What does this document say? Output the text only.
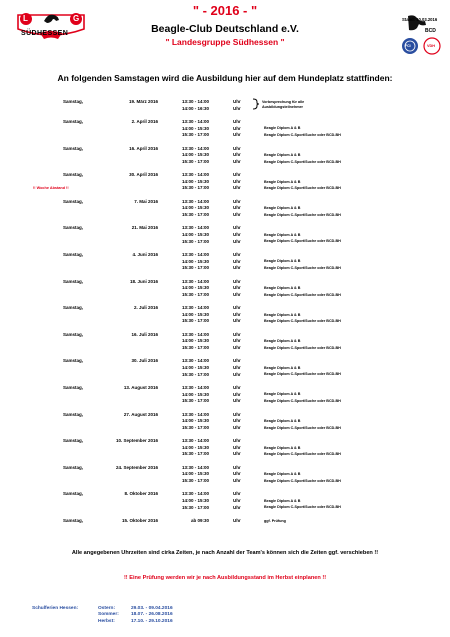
L	G
SÜDHESSEN	BCD
FCI	VDH
" - 2016 - "
Beagle-Club Deutschland e.V.
" Landesgruppe Südhessen "
Stand: 10.03.2016
An folgenden Samstagen wird die Ausbildung hier auf dem Hundeplatz stattfinden:
Samstag,	19. März 2016	13:30 - 14:00	Uhr
14:00 - 16:30	Uhr
Vorbesprechung für alle
Ausbildungsteilnehmer
Samstag,	2. April 2016	13:30 - 14:00	Uhr
14:00 - 15:30	Uhr	Beagle Diplom A & B
15:30 - 17:00	Uhr	Beagle Diplom C-Sport/Suche oder BCD-BH
Samstag,	16. April 2016	13:30 - 14:00	Uhr
14:00 - 15:30	Uhr	Beagle Diplom A & B
15:30 - 17:00	Uhr	Beagle Diplom C-Sport/Suche oder BCD-BH
Samstag,	30. April 2016
!! Woche Abstand !!
13:30 - 14:00	Uhr
14:00 - 15:30	Uhr	Beagle Diplom A & B
15:30 - 17:00	Uhr	Beagle Diplom C-Sport/Suche oder BCD-BH
Samstag,	7. Mai 2016	13:30 - 14:00	Uhr
14:00 - 15:30	Uhr	Beagle Diplom A & B
15:30 - 17:00	Uhr	Beagle Diplom C-Sport/Suche oder BCD-BH
Samstag,	21. Mai 2016	13:30 - 14:00	Uhr
14:00 - 15:30	Uhr	Beagle Diplom A & B
15:30 - 17:00	Uhr	Beagle Diplom C-Sport/Suche oder BCD-BH
Samstag,	4. Juni 2016	13:30 - 14:00	Uhr
14:00 - 15:30	Uhr	Beagle Diplom A & B
15:30 - 17:00	Uhr	Beagle Diplom C-Sport/Suche oder BCD-BH
Samstag,	18. Juni 2016	13:30 - 14:00	Uhr
14:00 - 15:30	Uhr	Beagle Diplom A & B
15:30 - 17:00	Uhr	Beagle Diplom C-Sport/Suche oder BCD-BH
Samstag,	2. Juli 2016	13:30 - 14:00	Uhr
14:00 - 15:30	Uhr	Beagle Diplom A & B
15:30 - 17:00	Uhr	Beagle Diplom C-Sport/Suche oder BCD-BH
Samstag,	16. Juli 2016	13:30 - 14:00	Uhr
14:00 - 15:30	Uhr	Beagle Diplom A & B
15:30 - 17:00	Uhr	Beagle Diplom C-Sport/Suche oder BCD-BH
Samstag,	30. Juli 2016	13:30 - 14:00	Uhr
14:00 - 15:30	Uhr	Beagle Diplom A & B
15:30 - 17:00	Uhr	Beagle Diplom C-Sport/Suche oder BCD-BH
Samstag,	13. August 2016	13:30 - 14:00	Uhr
14:00 - 15:30	Uhr	Beagle Diplom A & B
15:30 - 17:00	Uhr	Beagle Diplom C-Sport/Suche oder BCD-BH
Samstag,	27. August 2016	13:30 - 14:00	Uhr
14:00 - 15:30	Uhr	Beagle Diplom A & B
15:30 - 17:00	Uhr	Beagle Diplom C-Sport/Suche oder BCD-BH
Samstag,	10. September 2016	13:30 - 14:00	Uhr
14:00 - 15:30	Uhr	Beagle Diplom A & B
15:30 - 17:00	Uhr	Beagle Diplom C-Sport/Suche oder BCD-BH
Samstag,	24. September 2016	13:30 - 14:00	Uhr
14:00 - 15:30	Uhr	Beagle Diplom A & B
15:30 - 17:00	Uhr	Beagle Diplom C-Sport/Suche oder BCD-BH
Samstag,	8. Oktober 2016	13:30 - 14:00	Uhr
14:00 - 15:30	Uhr	Beagle Diplom A & B
15:30 - 17:00	Uhr	Beagle Diplom C-Sport/Suche oder BCD-BH
Samstag,	15. Oktober 2016	ab 09:30	Uhr	ggf. Prüfung
Alle angegebenen Uhrzeiten sind cirka Zeiten, je nach Anzahl der Team's können sich die Zeiten ggf. verschieben !!
!! Eine Prüfung werden wir je nach Ausbildungsstand im Herbst einplanen !!
Schulferien Hessen:	Ostern:	29.03. - 09.04.2016
Sommer:	18.07. - 26.08.2016
Herbst:	17.10. - 29.10.2016
